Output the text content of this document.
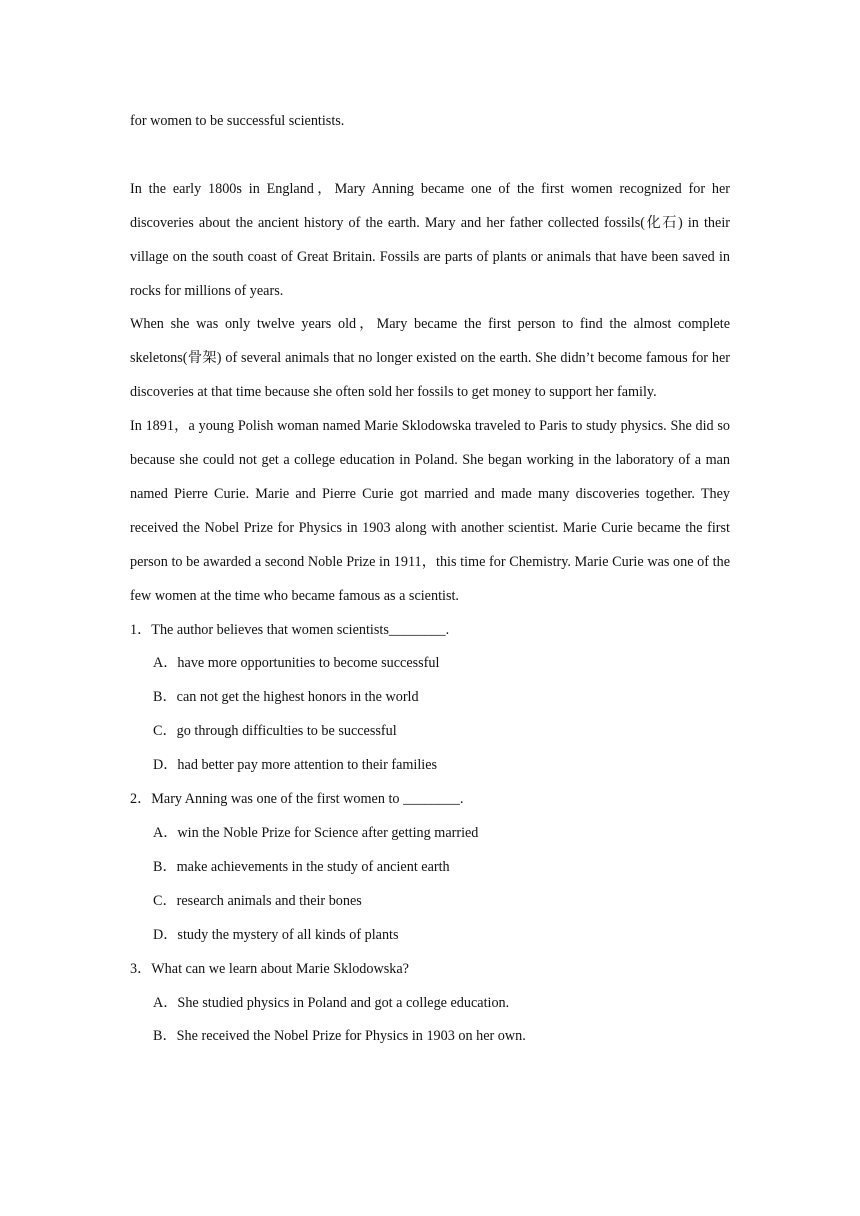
for women to be successful scientists.

In the early 1800s in England，Mary Anning became one of the first women recognized for her discoveries about the ancient history of the earth. Mary and her father collected fossils(化石) in their village on the south coast of Great Britain. Fossils are parts of plants or animals that have been saved in rocks for millions of years.

When she was only twelve years old，Mary became the first person to find the almost complete skeletons(骨架) of several animals that no longer existed on the earth. She didn’t become famous for her discoveries at that time because she often sold her fossils to get money to support her family.

In 1891，a young Polish woman named Marie Sklodowska traveled to Paris to study physics. She did so because she could not get a college education in Poland. She began working in the laboratory of a man named Pierre Curie. Marie and Pierre Curie got married and made many discoveries together. They received the Nobel Prize for Physics in 1903 along with another scientist. Marie Curie became the first person to be awarded a second Noble Prize in 1911，this time for Chemistry. Marie Curie was one of the few women at the time who became famous as a scientist.

1．The author believes that women scientists________.

A．have more opportunities to become successful

B．can not get the highest honors in the world

C．go through difficulties to be successful

D．had better pay more attention to their families

2．Mary Anning was one of the first women to ________.

A．win the Noble Prize for Science after getting married

B．make achievements in the study of ancient earth

C．research animals and their bones

D．study the mystery of all kinds of plants

3．What can we learn about Marie Sklodowska?

A．She studied physics in Poland and got a college education.

B．She received the Nobel Prize for Physics in 1903 on her own.
